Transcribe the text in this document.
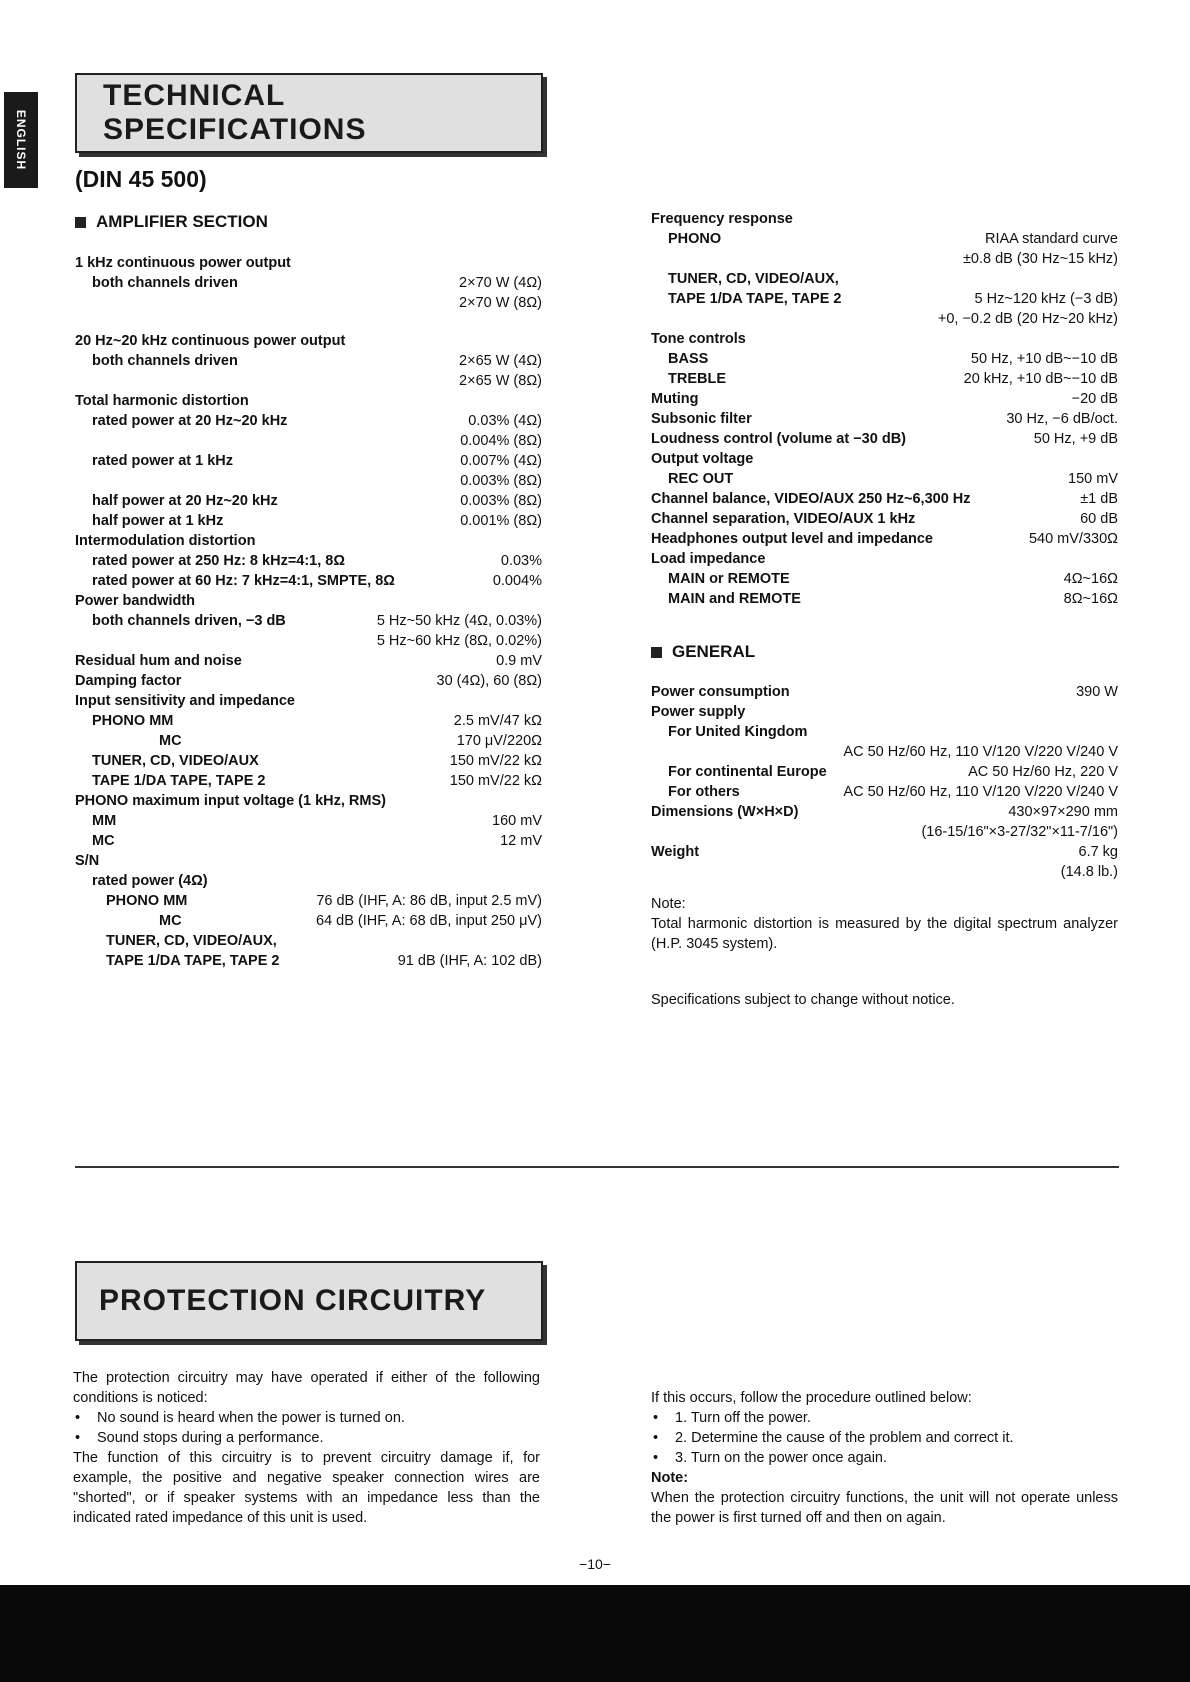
ENGLISH
TECHNICAL SPECIFICATIONS
(DIN 45 500)
AMPLIFIER SECTION
1 kHz continuous power output
both channels driven	2×70 W (4Ω)
2×70 W (8Ω)
20 Hz~20 kHz continuous power output
both channels driven	2×65 W (4Ω)
2×65 W (8Ω)
Total harmonic distortion
rated power at 20 Hz~20 kHz	0.03% (4Ω)
0.004% (8Ω)
rated power at 1 kHz	0.007% (4Ω)
0.003% (8Ω)
half power at 20 Hz~20 kHz	0.003% (8Ω)
half power at 1 kHz	0.001% (8Ω)
Intermodulation distortion
rated power at 250 Hz: 8 kHz=4:1, 8Ω	0.03%
rated power at 60 Hz: 7 kHz=4:1, SMPTE, 8Ω	0.004%
Power bandwidth
both channels driven, −3 dB	5 Hz~50 kHz (4Ω, 0.03%)
5 Hz~60 kHz (8Ω, 0.02%)
Residual hum and noise	0.9 mV
Damping factor	30 (4Ω), 60 (8Ω)
Input sensitivity and impedance
PHONO MM	2.5 mV/47 kΩ
MC	170 μV/220Ω
TUNER, CD, VIDEO/AUX	150 mV/22 kΩ
TAPE 1/DA TAPE, TAPE 2	150 mV/22 kΩ
PHONO maximum input voltage (1 kHz, RMS)
MM	160 mV
MC	12 mV
S/N
rated power (4Ω)
PHONO MM	76 dB (IHF, A: 86 dB, input 2.5 mV)
MC	64 dB (IHF, A: 68 dB, input 250 μV)
TUNER, CD, VIDEO/AUX,
TAPE 1/DA TAPE, TAPE 2	91 dB (IHF, A: 102 dB)
Frequency response
PHONO	RIAA standard curve
±0.8 dB (30 Hz~15 kHz)
TUNER, CD, VIDEO/AUX,
TAPE 1/DA TAPE, TAPE 2	5 Hz~120 kHz (−3 dB)
+0, −0.2 dB (20 Hz~20 kHz)
Tone controls
BASS	50 Hz, +10 dB~−10 dB
TREBLE	20 kHz, +10 dB~−10 dB
Muting	−20 dB
Subsonic filter	30 Hz, −6 dB/oct.
Loudness control (volume at −30 dB)	50 Hz, +9 dB
Output voltage
REC OUT	150 mV
Channel balance, VIDEO/AUX 250 Hz~6,300 Hz	±1 dB
Channel separation, VIDEO/AUX 1 kHz	60 dB
Headphones output level and impedance	540 mV/330Ω
Load impedance
MAIN or REMOTE	4Ω~16Ω
MAIN and REMOTE	8Ω~16Ω
GENERAL
Power consumption	390 W
Power supply
For United Kingdom
AC 50 Hz/60 Hz, 110 V/120 V/220 V/240 V
For continental Europe	AC 50 Hz/60 Hz, 220 V
For others	AC 50 Hz/60 Hz, 110 V/120 V/220 V/240 V
Dimensions (W×H×D)	430×97×290 mm
(16-15/16"×3-27/32"×11-7/16")
Weight	6.7 kg
(14.8 lb.)

Note:

Total harmonic distortion is measured by the digital spectrum analyzer (H.P. 3045 system).

Specifications subject to change without notice.

PROTECTION CIRCUITRY

The protection circuitry may have operated if either of the following conditions is noticed:

• No sound is heard when the power is turned on.
• Sound stops during a performance.

The function of this circuitry is to prevent circuitry damage if, for example, the positive and negative speaker connection wires are "shorted", or if speaker systems with an impedance less than the indicated rated impedance of this unit is used.

If this occurs, follow the procedure outlined below:

• 1. Turn off the power.
• 2. Determine the cause of the problem and correct it.
• 3. Turn on the power once again.

Note:

When the protection circuitry functions, the unit will not operate unless the power is first turned off and then on again.

−10−
